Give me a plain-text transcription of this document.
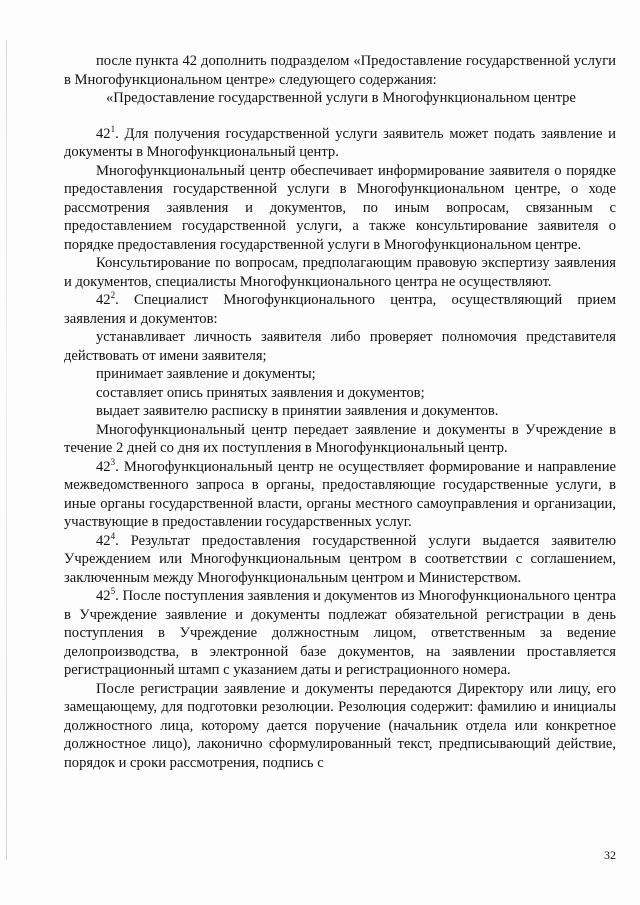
после пункта 42 дополнить подразделом «Предоставление государственной услуги в Многофункциональном центре» следующего содержания:

«Предоставление государственной услуги в Многофункциональном центре

$42^1$. Для получения государственной услуги заявитель может подать заявление и документы в Многофункциональный центр.

Многофункциональный центр обеспечивает информирование заявителя о порядке предоставления государственной услуги в Многофункциональном центре, о ходе рассмотрения заявления и документов, по иным вопросам, связанным с предоставлением государственной услуги, а также консультирование заявителя о порядке предоставления государственной услуги в Многофункциональном центре.

Консультирование по вопросам, предполагающим правовую экспертизу заявления и документов, специалисты Многофункционального центра не осуществляют.

$42^2$. Специалист Многофункционального центра, осуществляющий прием заявления и документов:

устанавливает личность заявителя либо проверяет полномочия представителя действовать от имени заявителя;

принимает заявление и документы;

составляет опись принятых заявления и документов;

выдает заявителю расписку в принятии заявления и документов.

Многофункциональный центр передает заявление и документы в Учреждение в течение 2 дней со дня их поступления в Многофункциональный центр.

$42^3$. Многофункциональный центр не осуществляет формирование и направление межведомственного запроса в органы, предоставляющие государственные услуги, в иные органы государственной власти, органы местного самоуправления и организации, участвующие в предоставлении государственных услуг.

$42^4$. Результат предоставления государственной услуги выдается заявителю Учреждением или Многофункциональным центром в соответствии с соглашением, заключенным между Многофункциональным центром и Министерством.

$42^5$. После поступления заявления и документов из Многофункционального центра в Учреждение заявление и документы подлежат обязательной регистрации в день поступления в Учреждение должностным лицом, ответственным за ведение делопроизводства, в электронной базе документов, на заявлении проставляется регистрационный штамп с указанием даты и регистрационного номера.

После регистрации заявление и документы передаются Директору или лицу, его замещающему, для подготовки резолюции. Резолюция содержит: фамилию и инициалы должностного лица, которому дается поручение (начальник отдела или конкретное должностное лицо), лаконично сформулированный текст, предписывающий действие, порядок и сроки рассмотрения, подпись с

32
